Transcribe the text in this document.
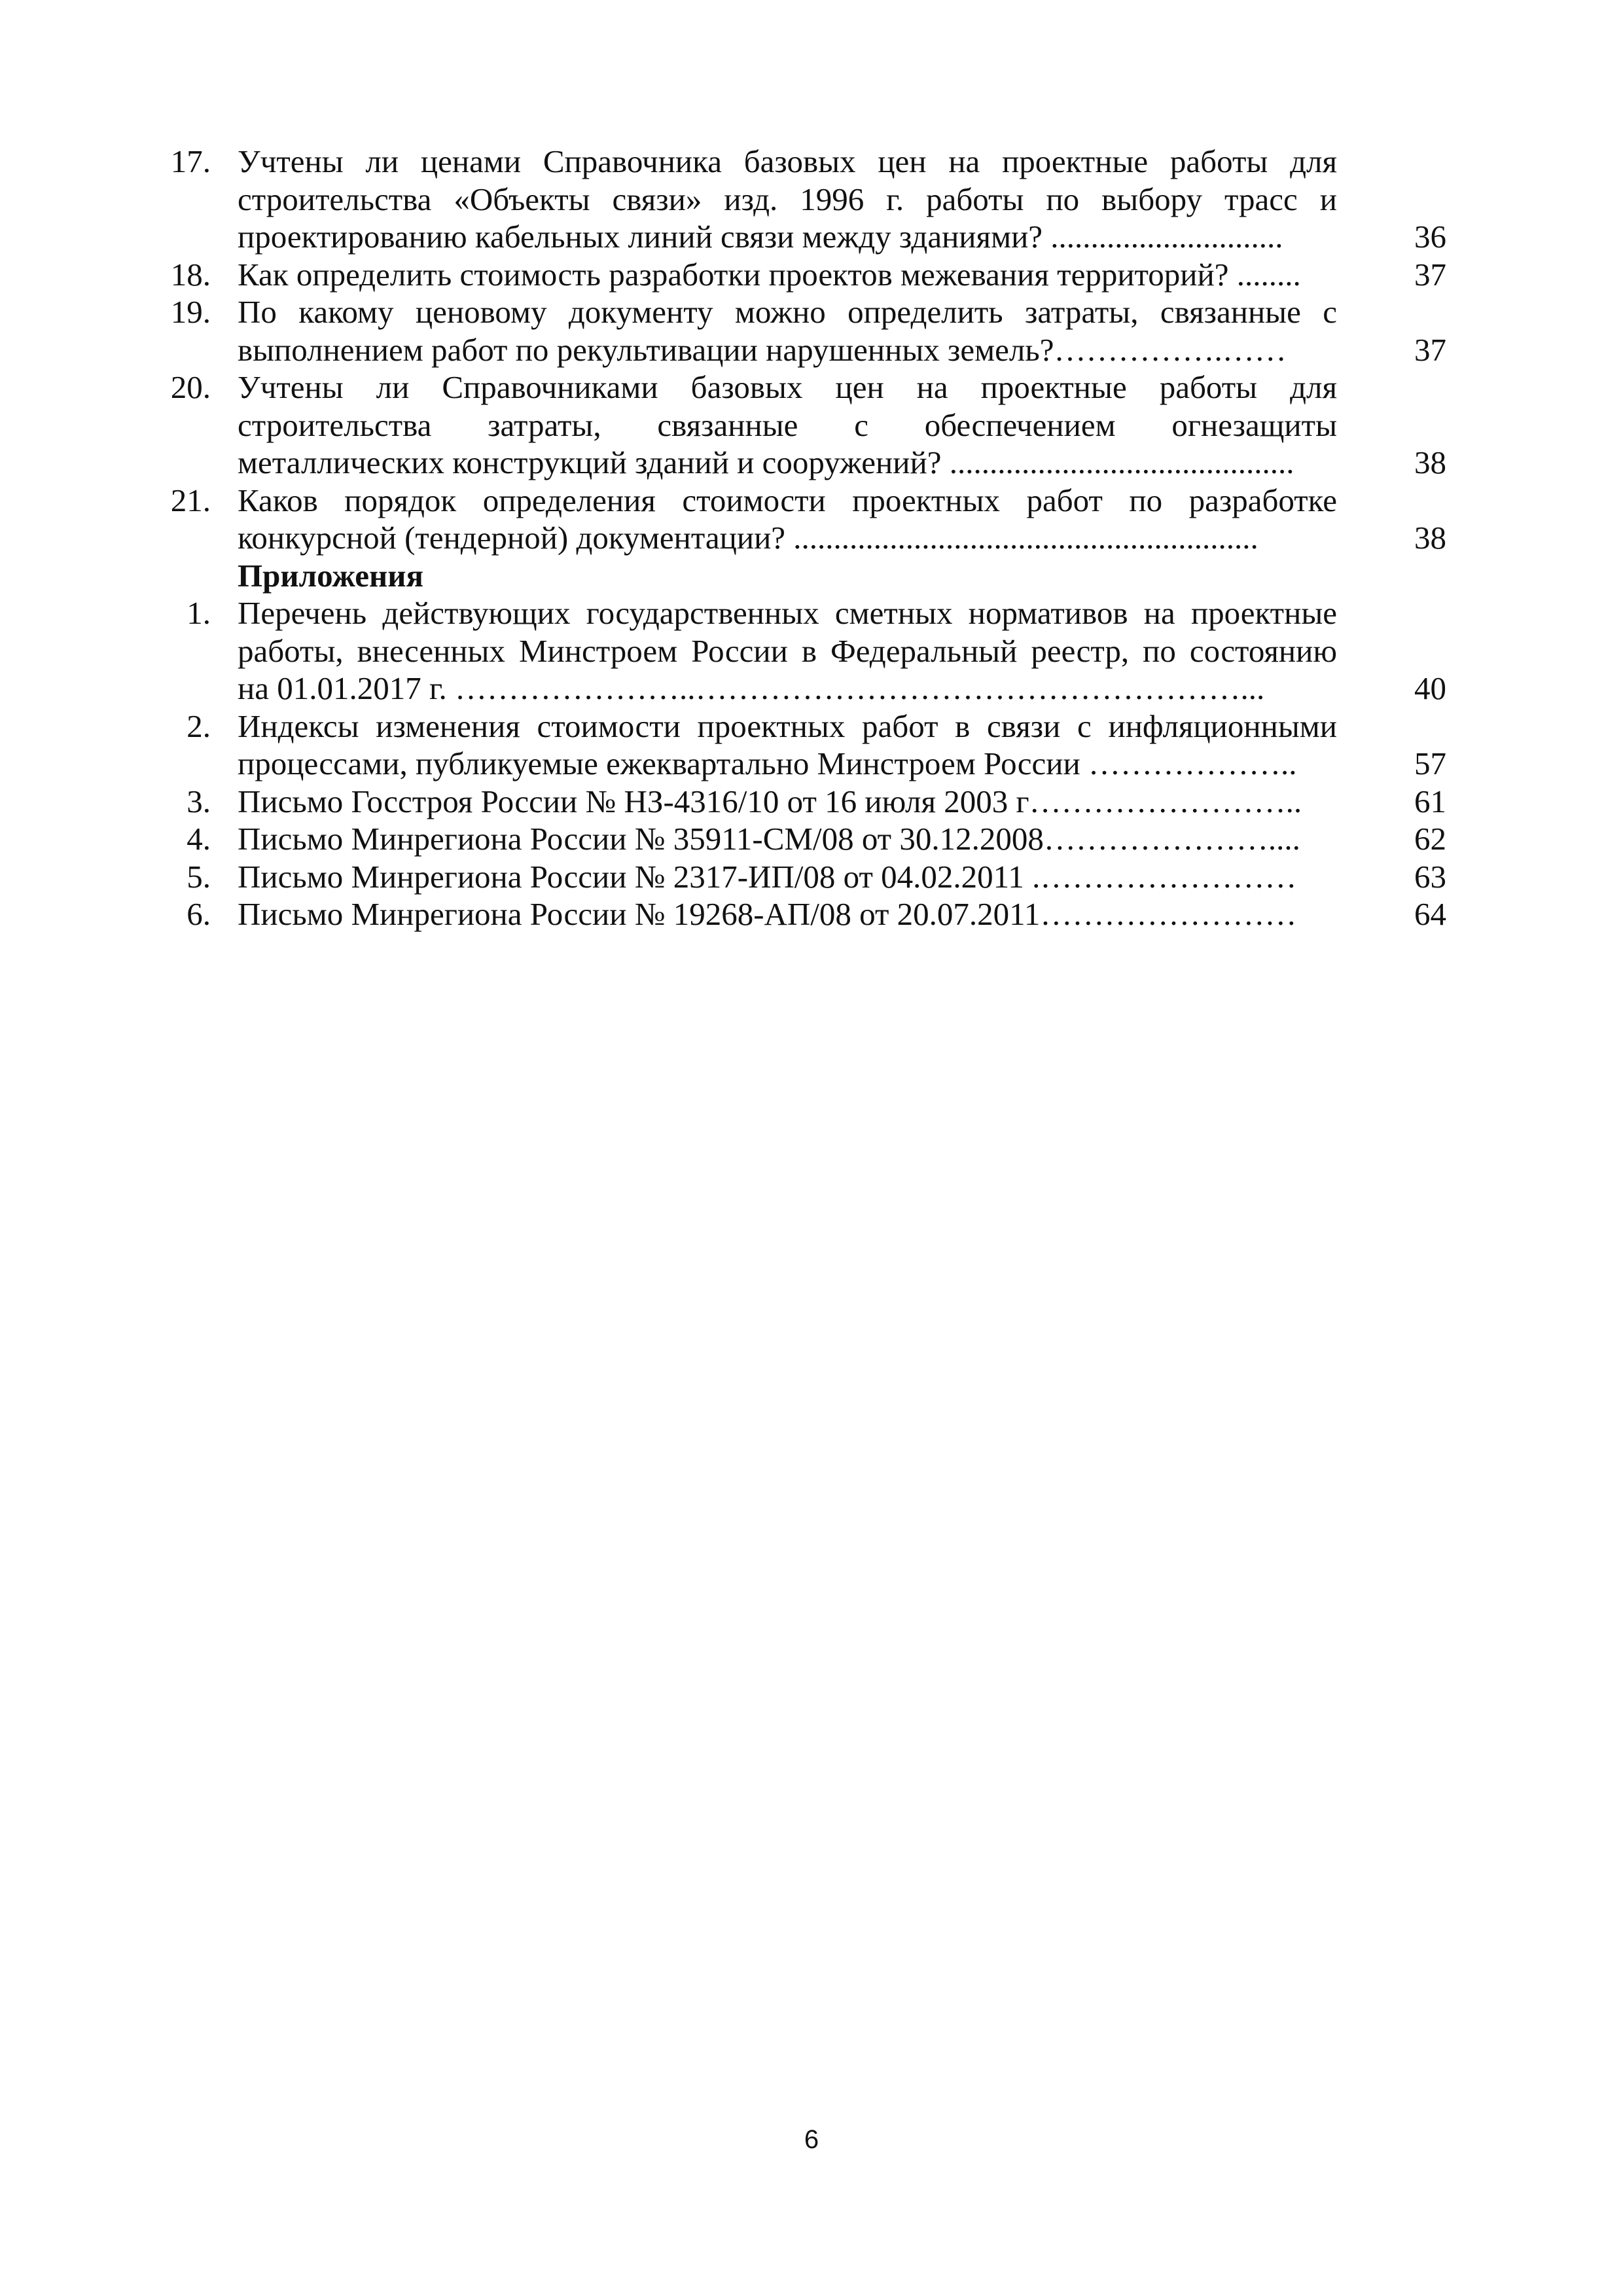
17. Учтены ли ценами Справочника базовых цен на проектные работы для
строительства «Объекты связи» изд. 1996 г. работы по выбору трасс и
проектированию кабельных линий связи между зданиями? .............................	36
18. Как определить стоимость разработки проектов межевания территорий? ........	37
19. По какому ценовому документу можно определить затраты, связанные с
выполнением работ по рекультивации нарушенных земель?…………….……	37
20. Учтены ли Справочниками базовых цен на проектные работы для
строительства затраты, связанные с обеспечением огнезащиты
металлических конструкций зданий и сооружений? ...........................................	38
21. Каков порядок определения стоимости проектных работ по разработке
конкурсной (тендерной) документации? ..........................................................	38
Приложения
1. Перечень действующих государственных сметных нормативов на проектные
работы, внесенных Минстроем России в Федеральный реестр, по состоянию
на 01.01.2017 г. …………………..……………………………………………...	40
2. Индексы изменения стоимости проектных работ в связи с инфляционными
процессами, публикуемые ежеквартально Минстроем России ………………..	57
3. Письмо Госстроя России № НЗ-4316/10 от 16 июля 2003 г……………………..	61
4. Письмо Минрегиона России № 35911-СМ/08 от 30.12.2008…………………....	62
5. Письмо Минрегиона России № 2317-ИП/08 от 04.02.2011 .……………………	63
6. Письмо Минрегиона России № 19268-АП/08 от 20.07.2011……………………	64
6
